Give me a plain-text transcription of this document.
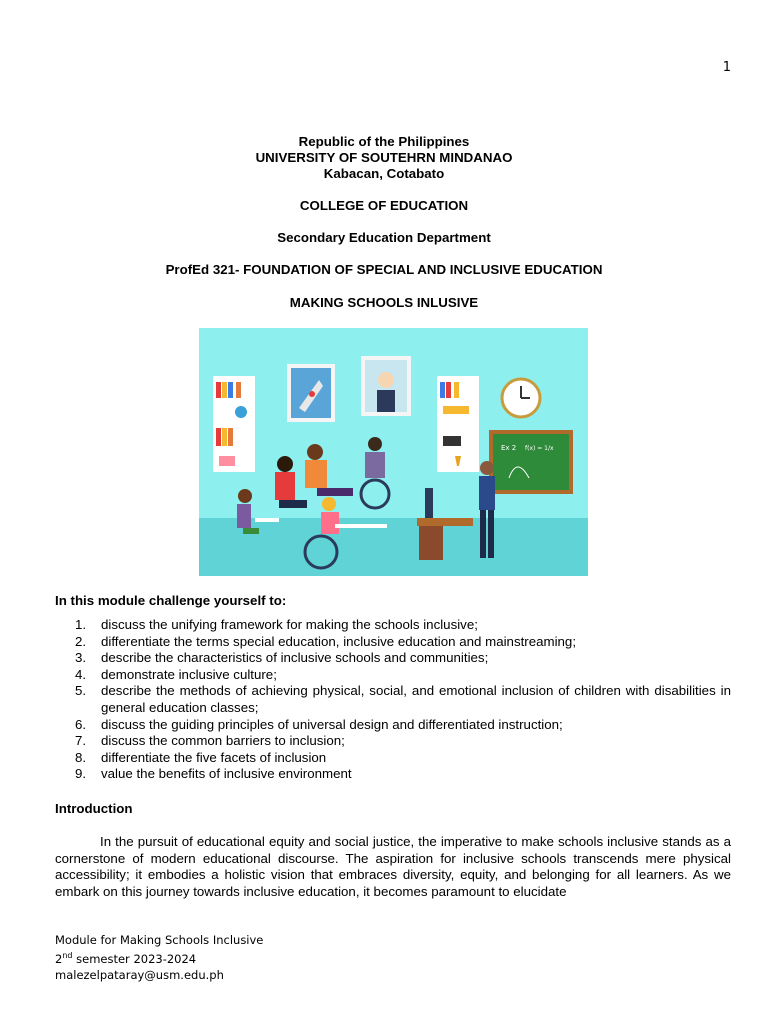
1
Republic of the Philippines
UNIVERSITY OF SOUTEHRN MINDANAO
Kabacan, Cotabato
COLLEGE OF EDUCATION
Secondary Education Department
ProfEd 321- FOUNDATION OF SPECIAL AND INCLUSIVE EDUCATION
MAKING SCHOOLS INLUSIVE
Ex 2 f(x) = 1/x
In this module challenge yourself to:
1.	discuss the unifying framework for making the schools inclusive;
2.	differentiate the terms special education, inclusive education and mainstreaming;
3.	describe the characteristics of inclusive schools and communities;
4.	demonstrate inclusive culture;
5.	describe the methods of achieving physical, social, and emotional inclusion of children with disabilities in general education classes;
6.	discuss the guiding principles of universal design and differentiated instruction;
7.	discuss the common barriers to inclusion;
8.	differentiate the five facets of inclusion
9.	value the benefits of inclusive environment
Introduction

In the pursuit of educational equity and social justice, the imperative to make schools inclusive stands as a cornerstone of modern educational discourse. The aspiration for inclusive schools transcends mere physical accessibility; it embodies a holistic vision that embraces diversity, equity, and belonging for all learners. As we embark on this journey towards inclusive education, it becomes paramount to elucidate

Module for Making Schools Inclusive
2nd semester 2023-2024
malezelpataray@usm.edu.ph
